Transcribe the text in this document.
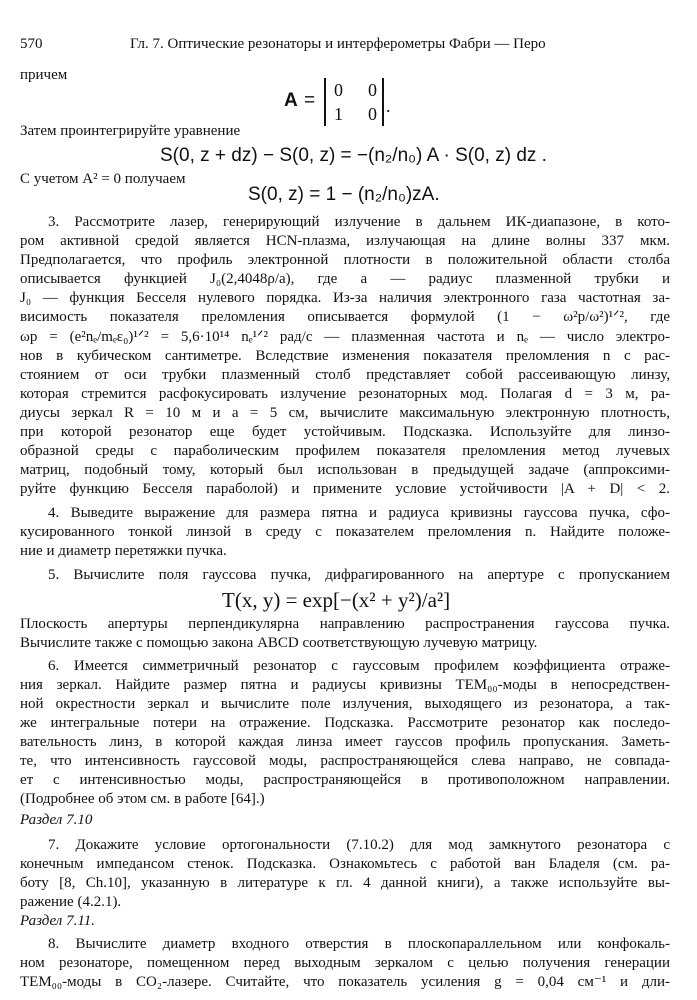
570	Гл. 7. Оптические резонаторы и интерферометры Фабри — Перо
причем
A = 0 0
1 0 .
Затем проинтегрируйте уравнение
S(0, z + dz) − S(0, z) = −(n₂/n₀) A · S(0, z) dz .
С учетом A² = 0 получаем
S(0, z) = 1 − (n₂/n₀)zA.
3. Рассмотрите лазер, генерирующий излучение в дальнем ИК-диапазоне, в кото-
ром активной средой является HCN-плазма, излучающая на длине волны 337 мкм.
Предполагается, что профиль электронной плотности в положительной области столба
описывается функцией J₀(2,4048ρ/a), где a — радиус плазменной трубки и
J₀ — функция Бесселя нулевого порядка. Из-за наличия электронного газа частотная за-
висимость показателя преломления описывается формулой (1 − ω²p/ω²)¹ᐟ², где
ωp = (e²nₑ/mₑε₀)¹ᐟ² = 5,6·10¹⁴ nₑ¹ᐟ² рад/с — плазменная частота и nₑ — число электро-
нов в кубическом сантиметре. Вследствие изменения показателя преломления n с рас-
стоянием от оси трубки плазменный столб представляет собой рассеивающую линзу,
которая стремится расфокусировать излучение резонаторных мод. Полагая d = 3 м, ра-
диусы зеркал R = 10 м и a = 5 см, вычислите максимальную электронную плотность,
при которой резонатор еще будет устойчивым. Подсказка. Используйте для линзо-
образной среды с параболическим профилем показателя преломления метод лучевых
матриц, подобный тому, который был использован в предыдущей задаче (аппроксими-
руйте функцию Бесселя параболой) и примените условие устойчивости |A + D| < 2.
4. Выведите выражение для размера пятна и радиуса кривизны гауссова пучка, сфо-
кусированного тонкой линзой в среду с показателем преломления n. Найдите положе-
ние и диаметр перетяжки пучка.
5. Вычислите поля гауссова пучка, дифрагированного на апертуре с пропусканием
T(x, y) = exp[−(x² + y²)/a²]
Плоскость апертуры перпендикулярна направлению распространения гауссова пучка.
Вычислите также с помощью закона ABCD соответствующую лучевую матрицу.
6. Имеется симметричный резонатор с гауссовым профилем коэффициента отраже-
ния зеркал. Найдите размер пятна и радиусы кривизны TEM₀₀-моды в непосредствен-
ной окрестности зеркал и вычислите поле излучения, выходящего из резонатора, а так-
же интегральные потери на отражение. Подсказка. Рассмотрите резонатор как последо-
вательность линз, в которой каждая линза имеет гауссов профиль пропускания. Заметь-
те, что интенсивность гауссовой моды, распространяющейся слева направо, не совпада-
ет с интенсивностью моды, распространяющейся в противоположном направлении.
(Подробнее об этом см. в работе [64].)
Раздел 7.10
7. Докажите условие ортогональности (7.10.2) для мод замкнутого резонатора с
конечным импедансом стенок. Подсказка. Ознакомьтесь с работой ван Бладеля (см. ра-
боту [8, Ch.10], указанную в литературе к гл. 4 данной книги), а также используйте вы-
ражение (4.2.1).
Раздел 7.11.
8. Вычислите диаметр входного отверстия в плоскопараллельном или конфокаль-
ном резонаторе, помещенном перед выходным зеркалом с целью получения генерации
TEM₀₀-моды в CO₂-лазере. Считайте, что показатель усиления g = 0,04 см⁻¹ и дли-
